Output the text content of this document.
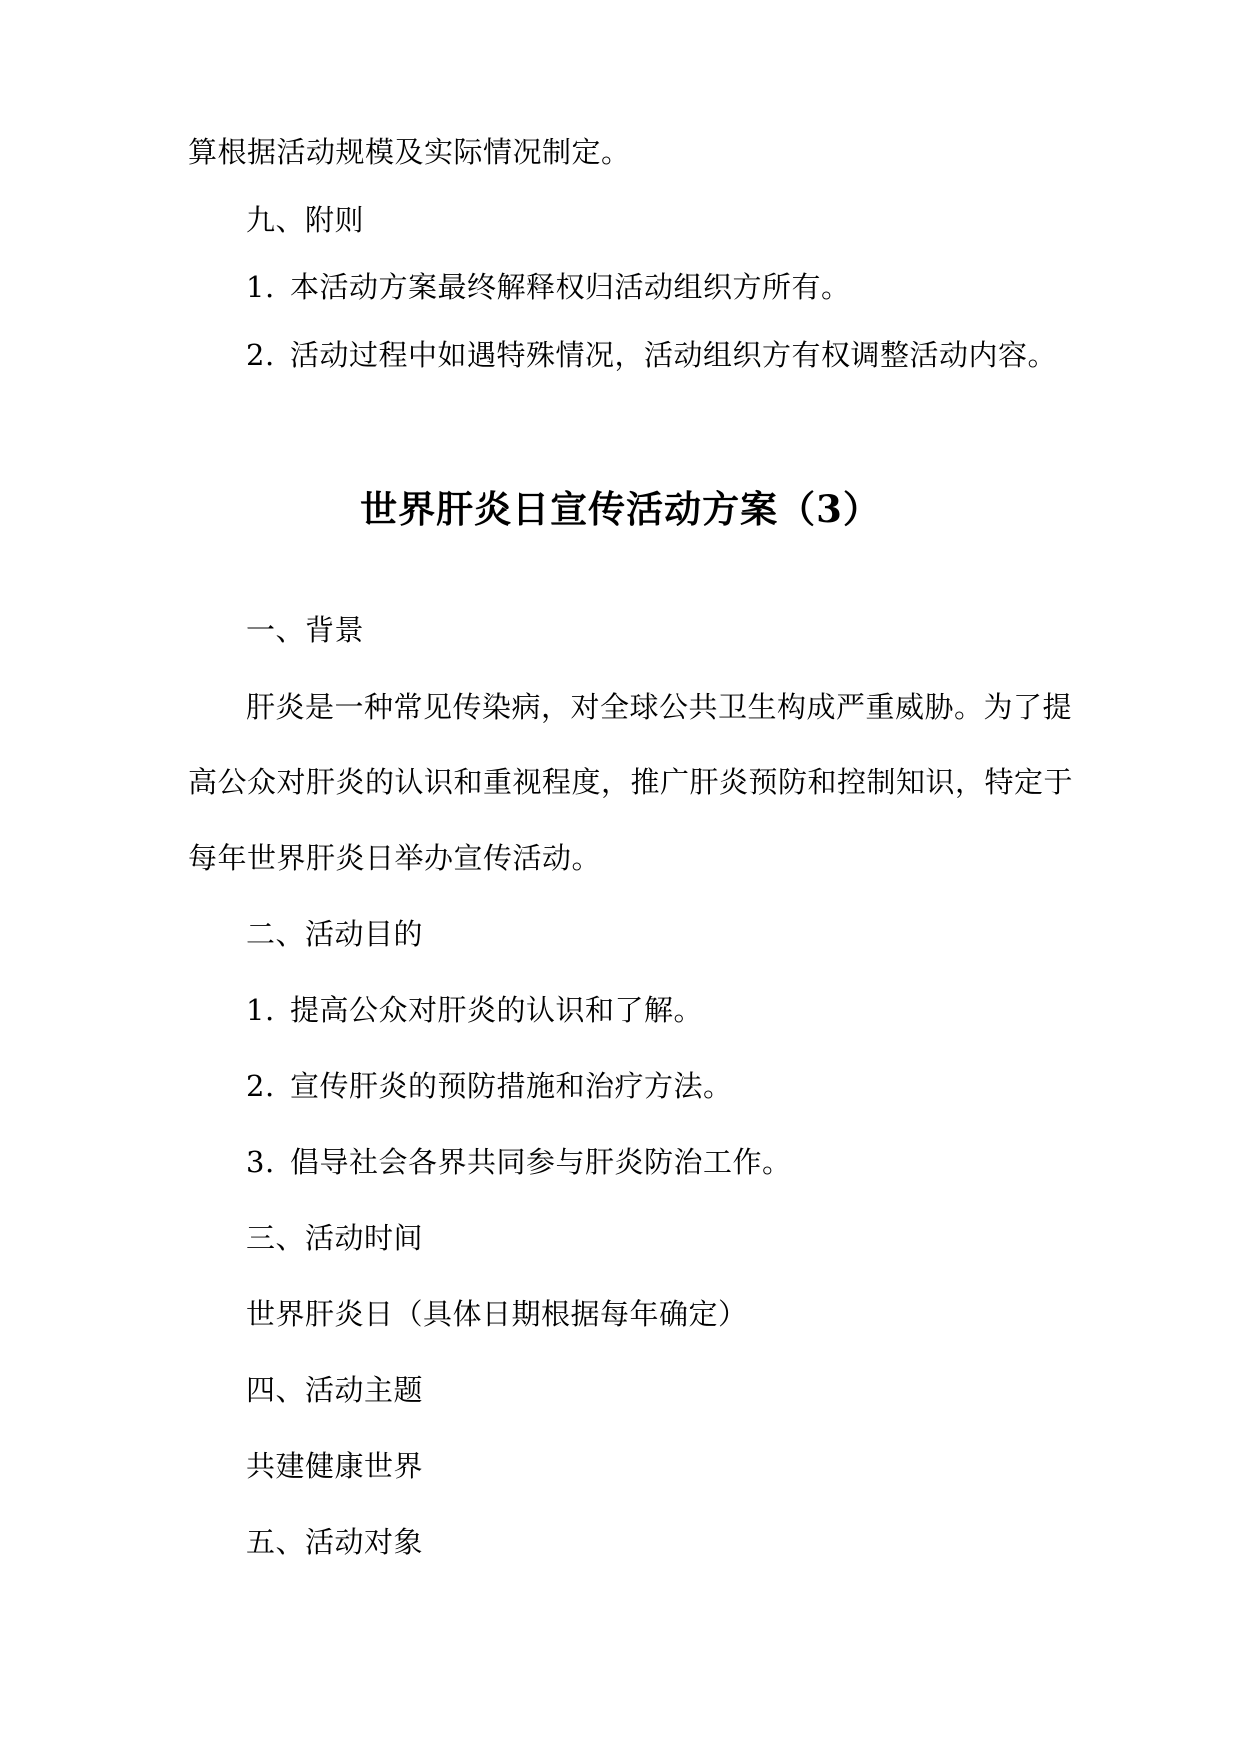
算根据活动规模及实际情况制定。
九、附则
1. 本活动方案最终解释权归活动组织方所有。
2. 活动过程中如遇特殊情况，活动组织方有权调整活动内容。
世界肝炎日宣传活动方案（3）
一、背景
肝炎是一种常见传染病，对全球公共卫生构成严重威胁。为了提
高公众对肝炎的认识和重视程度，推广肝炎预防和控制知识，特定于
每年世界肝炎日举办宣传活动。
二、活动目的
1. 提高公众对肝炎的认识和了解。
2. 宣传肝炎的预防措施和治疗方法。
3. 倡导社会各界共同参与肝炎防治工作。
三、活动时间
世界肝炎日（具体日期根据每年确定）
四、活动主题
共建健康世界
五、活动对象
